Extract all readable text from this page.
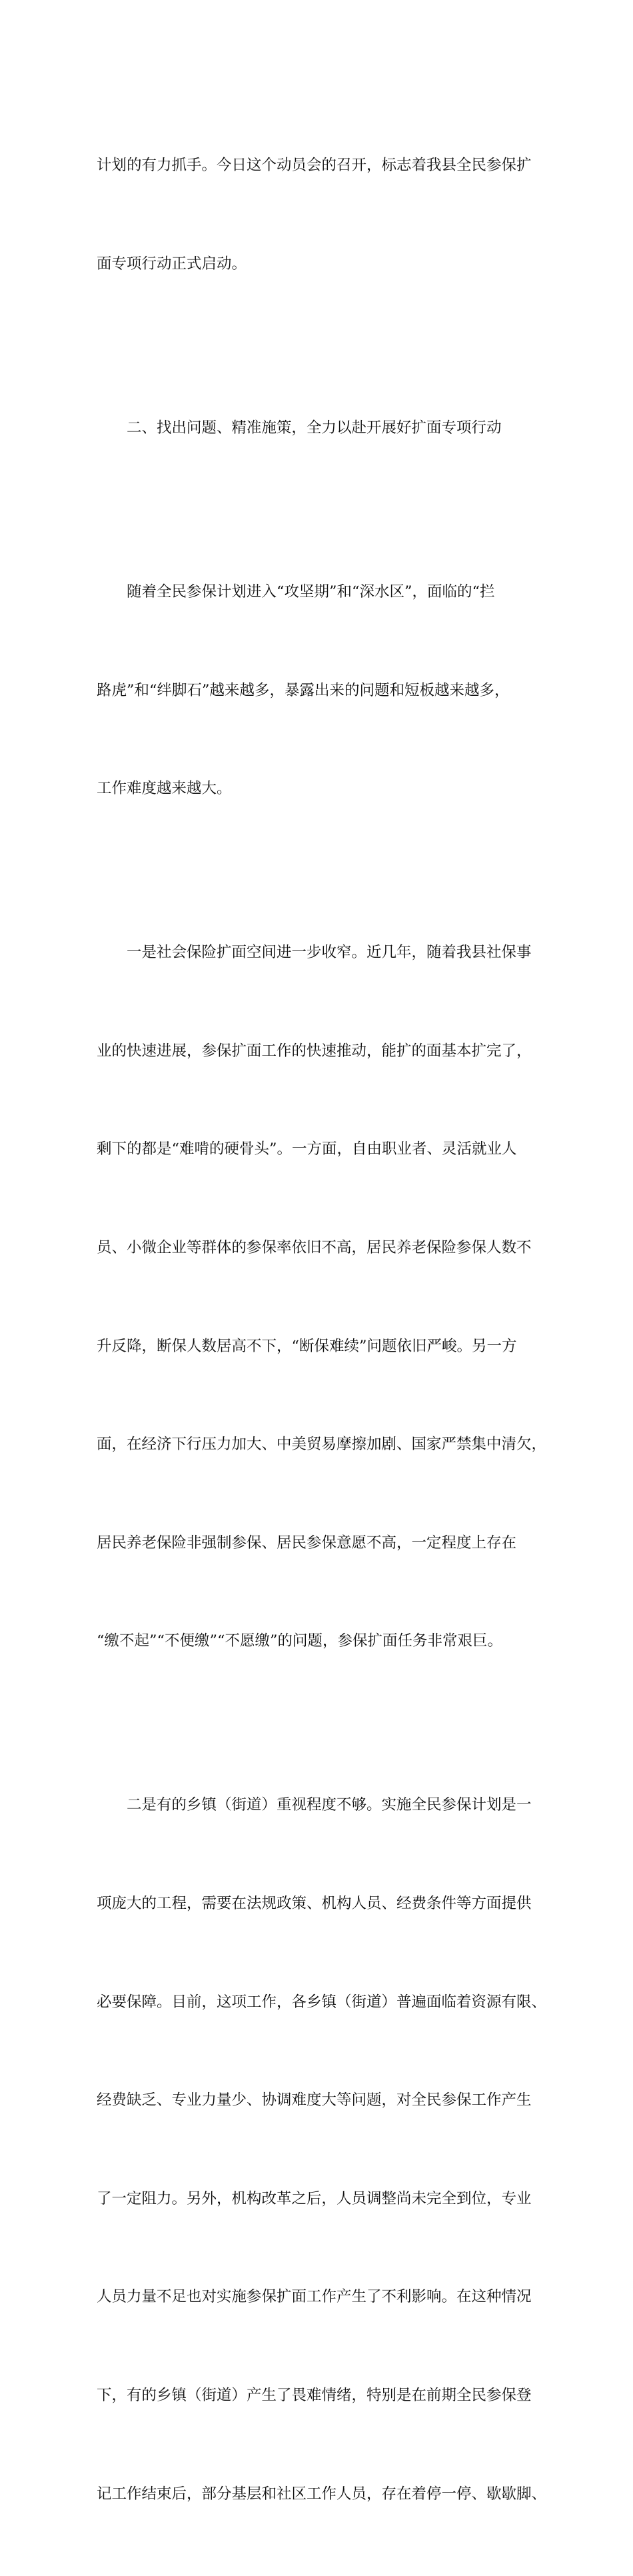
计划的有力抓手。今日这个动员会的召开，标志着我县全民参保扩

面专项行动正式启动。

　　二、找出问题、精准施策，全力以赴开展好扩面专项行动

　　随着全民参保计划进入“攻坚期”和“深水区”，面临的“拦

路虎”和“绊脚石”越来越多，暴露出来的问题和短板越来越多，

工作难度越来越大。

　　一是社会保险扩面空间进一步收窄。近几年，随着我县社保事

业的快速进展，参保扩面工作的快速推动，能扩的面基本扩完了，

剩下的都是“难啃的硬骨头”。一方面，自由职业者、灵活就业人

员、小微企业等群体的参保率依旧不高，居民养老保险参保人数不

升反降，断保人数居高不下，“断保难续”问题依旧严峻。另一方

面，在经济下行压力加大、中美贸易摩擦加剧、国家严禁集中清欠，

居民养老保险非强制参保、居民参保意愿不高，一定程度上存在

“缴不起”“不便缴”“不愿缴”的问题，参保扩面任务非常艰巨。

　　二是有的乡镇（街道）重视程度不够。实施全民参保计划是一

项庞大的工程，需要在法规政策、机构人员、经费条件等方面提供

必要保障。目前，这项工作，各乡镇（街道）普遍面临着资源有限、

经费缺乏、专业力量少、协调难度大等问题，对全民参保工作产生

了一定阻力。另外，机构改革之后，人员调整尚未完全到位，专业

人员力量不足也对实施参保扩面工作产生了不利影响。在这种情况

下，有的乡镇（街道）产生了畏难情绪，特别是在前期全民参保登

记工作结束后，部分基层和社区工作人员，存在着停一停、歇歇脚、
